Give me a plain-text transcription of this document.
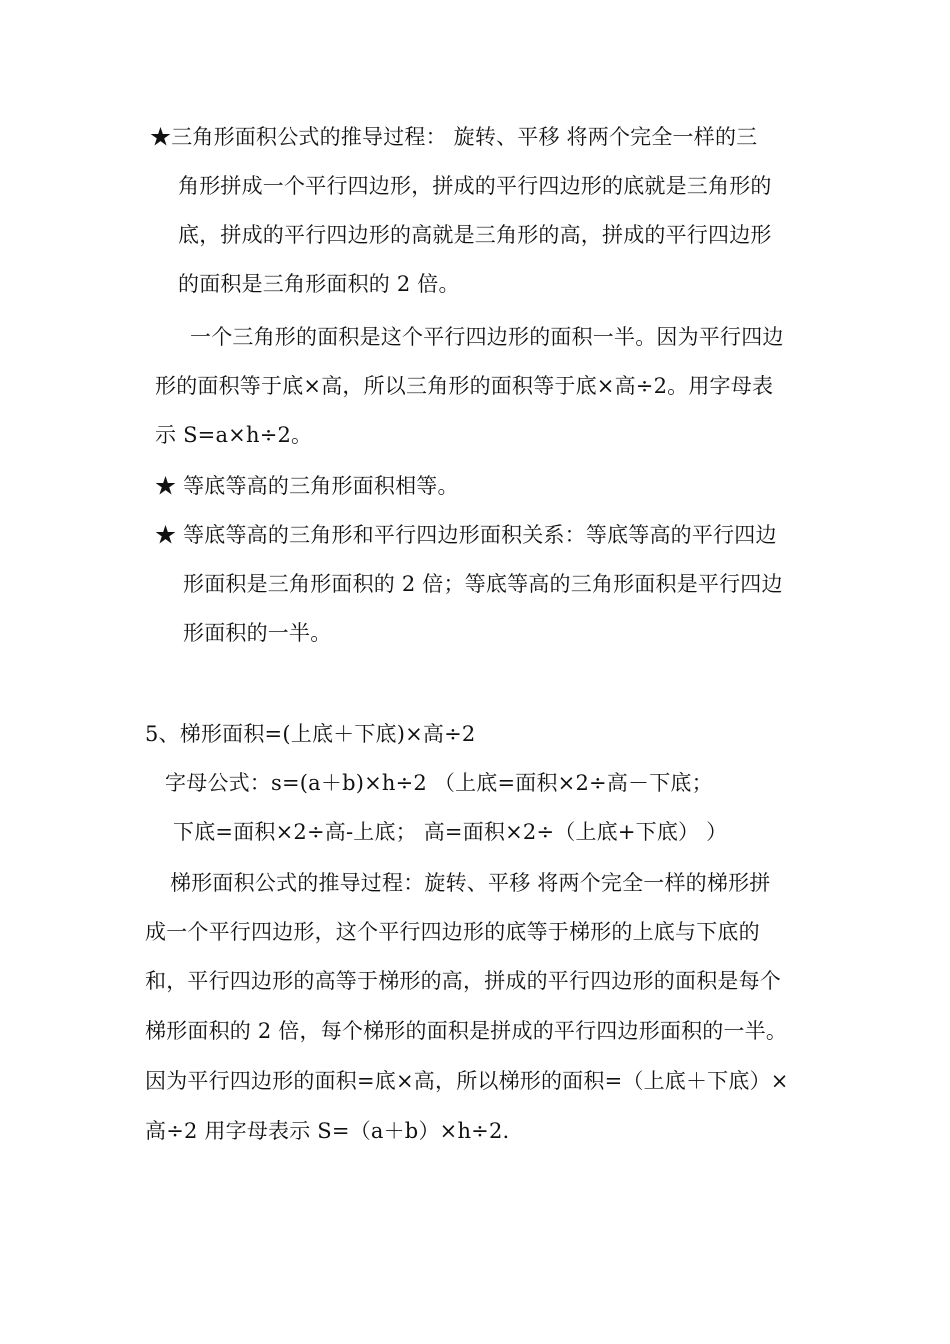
★三角形面积公式的推导过程： 旋转、平移 将两个完全一样的三
角形拼成一个平行四边形，拼成的平行四边形的底就是三角形的
底，拼成的平行四边形的高就是三角形的高，拼成的平行四边形
的面积是三角形面积的 2 倍。
一个三角形的面积是这个平行四边形的面积一半。因为平行四边
形的面积等于底×高，所以三角形的面积等于底×高÷2。用字母表
示 S=a×h÷2。
★ 等底等高的三角形面积相等。
★ 等底等高的三角形和平行四边形面积关系：等底等高的平行四边
形面积是三角形面积的 2 倍；等底等高的三角形面积是平行四边
形面积的一半。
5、梯形面积=(上底＋下底)×高÷2
字母公式：s=(a＋b)×h÷2 （上底=面积×2÷高－下底；
下底=面积×2÷高-上底； 高=面积×2÷（上底+下底） ）
梯形面积公式的推导过程：旋转、平移 将两个完全一样的梯形拼
成一个平行四边形，这个平行四边形的底等于梯形的上底与下底的
和，平行四边形的高等于梯形的高，拼成的平行四边形的面积是每个
梯形面积的 2 倍，每个梯形的面积是拼成的平行四边形面积的一半。
因为平行四边形的面积=底×高，所以梯形的面积=（上底＋下底）×
高÷2 用字母表示 S=（a＋b）×h÷2.
